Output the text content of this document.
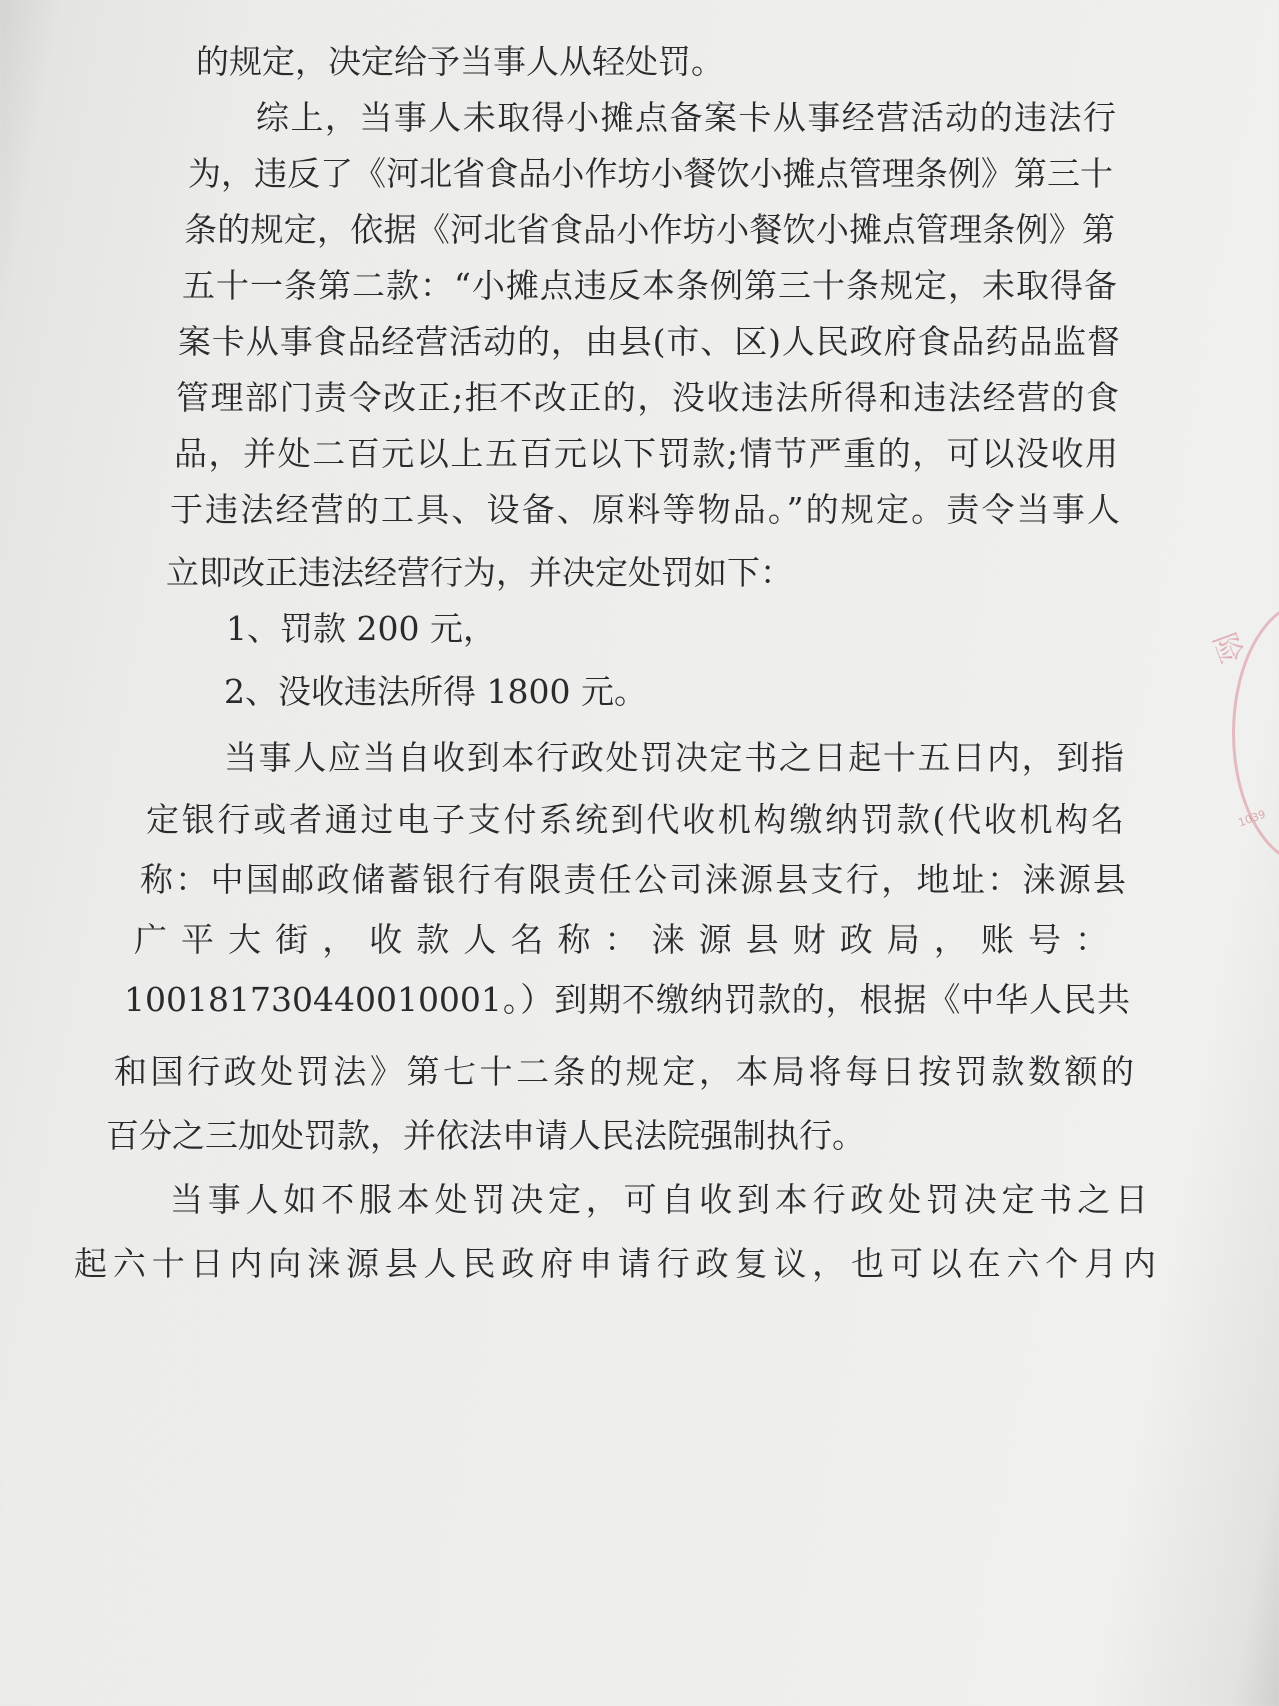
的规定，决定给予当事人从轻处罚。
综上，当事人未取得小摊点备案卡从事经营活动的违法行
为，违反了《河北省食品小作坊小餐饮小摊点管理条例》第三十
条的规定，依据《河北省食品小作坊小餐饮小摊点管理条例》第
五十一条第二款：“小摊点违反本条例第三十条规定，未取得备
案卡从事食品经营活动的，由县(市、区)人民政府食品药品监督
管理部门责令改正;拒不改正的，没收违法所得和违法经营的食
品，并处二百元以上五百元以下罚款;情节严重的，可以没收用
于违法经营的工具、设备、原料等物品。”的规定。责令当事人
立即改正违法经营行为，并决定处罚如下：
1、罚款 200 元，
2、没收违法所得 1800 元。
当事人应当自收到本行政处罚决定书之日起十五日内，到指
定银行或者通过电子支付系统到代收机构缴纳罚款(代收机构名
称：中国邮政储蓄银行有限责任公司涞源县支行，地址：涞源县
广平大街，收款人名称：涞源县财政局，账号：
100181730440010001。）到期不缴纳罚款的，根据《中华人民共
和国行政处罚法》第七十二条的规定，本局将每日按罚款数额的
百分之三加处罚款，并依法申请人民法院强制执行。
当事人如不服本处罚决定，可自收到本行政处罚决定书之日
起六十日内向涞源县人民政府申请行政复议，也可以在六个月内
险
1039
